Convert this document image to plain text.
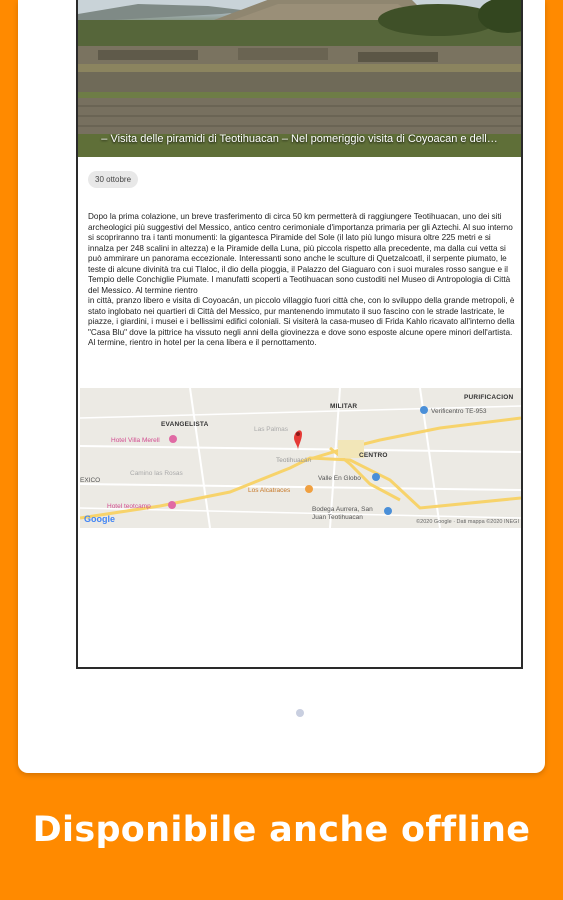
– Visita delle piramidi di Teotihuacan – Nel pomeriggio visita di Coyoacan e dell…
30 ottobre

Dopo la prima colazione, un breve trasferimento di circa 50 km permetterà di raggiungere Teotihuacan, uno dei siti archeologici più suggestivi del Messico, antico centro cerimoniale d'importanza primaria per gli Aztechi. Al suo interno si scopriranno tra i tanti monumenti: la gigantesca Piramide del Sole (il lato più lungo misura oltre 225 metri e si innalza per 248 scalini in altezza) e la Piramide della Luna, più piccola rispetto alla precedente, ma dalla cui vetta si può ammirare un panorama eccezionale. Interessanti sono anche le sculture di Quetzalcoatl, il serpente piumato, le teste di alcune divinità tra cui Tlaloc, il dio della pioggia, il Palazzo del Giaguaro con i suoi murales rosso sangue e il Tempio delle Conchiglie Piumate. I manufatti scoperti a Teotihuacan sono custoditi nel Museo di Antropologia di Città del Messico. Al termine rientro

in città, pranzo libero e visita di Coyoacán, un piccolo villaggio fuori città che, con lo sviluppo della grande metropoli, è stato inglobato nei quartieri di Città del Messico, pur mantenendo immutato il suo fascino con le strade lastricate, le piazze, i giardini, i musei e i bellissimi edifici coloniali. Si visiterà la casa-museo di Frida Kahlo ricavato all'interno della "Casa Blu" dove la pittrice ha vissuto negli anni della giovinezza e dove sono esposte alcune opere minori dell'artista. Al termine, rientro in hotel per la cena libera e il pernottamento.

PURIFICACION
MILITAR
EVANGELISTA
CENTRO
Teotihuacán
Hotel Villa Merell
Los Alcatraces
Valle En Globo
Bodega Aurrera, San Juan Teotihuacan
Hotel teotcamp
Verificentro TE-953
EXICO
Camino las Rosas
Las Palmas
Google	©2020 Google · Dati mappa ©2020 INEGI
Disponibile anche offline
